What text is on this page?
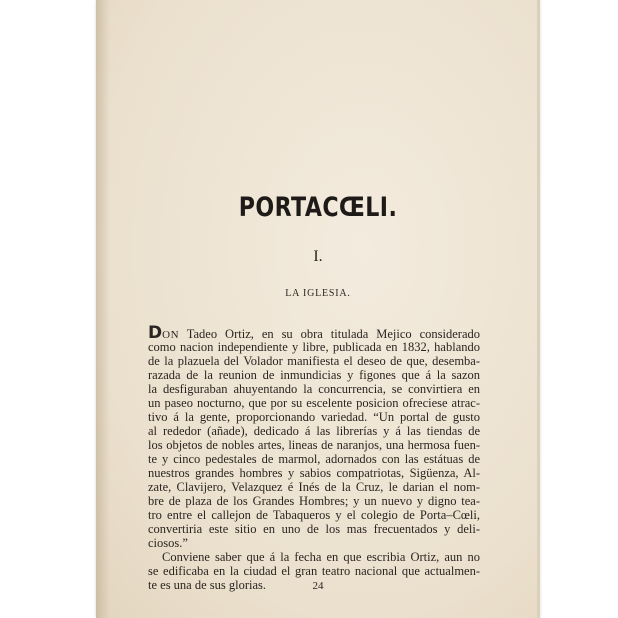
PORTACŒLI.
I.
LA IGLESIA.
DON Tadeo Ortiz, en su obra titulada Mejico considerado
como nacion independiente y libre, publicada en 1832, hablando
de la plazuela del Volador manifiesta el deseo de que, desemba-
razada de la reunion de inmundicias y figones que á la sazon
la desfiguraban ahuyentando la concurrencia, se convirtiera en
un paseo nocturno, que por su escelente posicion ofreciese atrac-
tivo á la gente, proporcionando variedad. “Un portal de gusto
al rededor (añade), dedicado á las librerías y á las tiendas de
los objetos de nobles artes, lineas de naranjos, una hermosa fuen-
te y cinco pedestales de marmol, adornados con las estátuas de
nuestros grandes hombres y sabios compatriotas, Sigüenza, Al-
zate, Clavijero, Velazquez é Inés de la Cruz, le darian el nom-
bre de plaza de los Grandes Hombres; y un nuevo y digno tea-
tro entre el callejon de Tabaqueros y el colegio de Porta–Cœli,
convertiria este sitio en uno de los mas frecuentados y deli-
ciosos.”
Conviene saber que á la fecha en que escribia Ortiz, aun no
se edificaba en la ciudad el gran teatro nacional que actualmen-
te es una de sus glorias.	24
